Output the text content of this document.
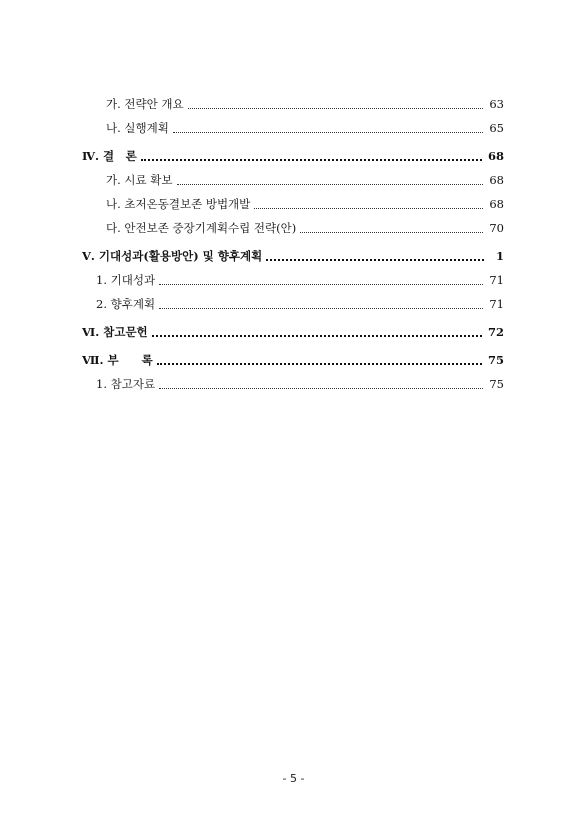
가. 전략안 개요	63
나. 실행계획	65
Ⅳ. 결　론	68
가. 시료 확보	68
나. 초저온동결보존 방법개발	68
다. 안전보존 중장기계획수립 전략(안)	70
Ⅴ. 기대성과(활용방안) 및 향후계획	1
1. 기대성과	71
2. 향후계획	71
Ⅵ. 참고문헌	72
Ⅶ. 부　　록	75
1. 참고자료	75
- 5 -
